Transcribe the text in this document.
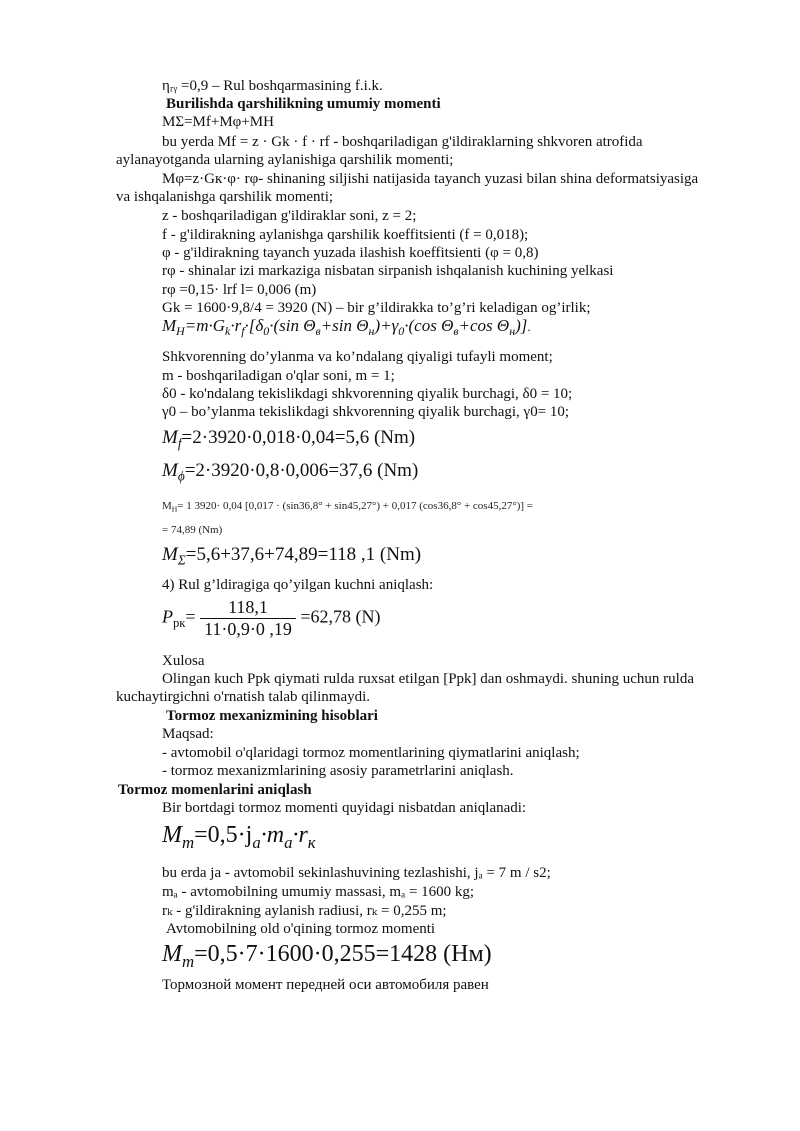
ηᵣᵧ =0,9 – Rul boshqarmasining f.i.k.
Burilishda qarshilikning umumiy momenti
MΣ=Mf+Mφ+MH
bu yerda Mf = z · Gk · f · rf - boshqariladigan g'ildiraklarning shkvoren atrofida
aylanayotganda ularning aylanishiga qarshilik momenti;
Mφ=z·Gк·φ· rφ- shinaning siljishi natijasida tayanch yuzasi bilan shina deformatsiyasiga
va ishqalanishga qarshilik momenti;
z - boshqariladigan g'ildiraklar soni, z = 2;
f - g'ildirakning aylanishga qarshilik koeffitsienti (f = 0,018);
φ - g'ildirakning tayanch yuzada ilashish koeffitsienti (φ = 0,8)
rφ - shinalar izi markaziga nisbatan sirpanish ishqalanish kuchining yelkasi
rφ =0,15· lrf l= 0,006 (m)
Gk = 1600·9,8/4 = 3920 (N) – bir g’ildirakka to’g’ri keladigan og’irlik;
$M_H=m\cdot G_k\cdot r_f\cdot[\delta_0\cdot(\sin$ $\Theta_в+\sin$ $\Theta_н)+\gamma_0\cdot(\cos$ $\Theta_в+\cos$ $\Theta_н$)].
Shkvorenning do’ylanma va ko’ndalang qiyaligi tufayli moment;
m - boshqariladigan o'qlar soni, m = 1;
δ0 - ko'ndalang tekislikdagi shkvorenning qiyalik burchagi, δ0 = 10;
γ0 – bo’ylanma tekislikdagi shkvorenning qiyalik burchagi, γ0= 10;
$M_f=2\cdot 3920\cdot 0,018\cdot 0,04=5,6$ (Nm)
$M_\phi=2\cdot 3920\cdot 0,8\cdot 0,006=37,6$ (Nm)
$M_H= 1$ 3920· 0,04 [0,017 · (sin36,8° + sin45,27°) + 0,017 (cos36,8° + cos45,27°)] =
= 74,89 (Nm)
$M_\Sigma=5,6+37,6+74,89=118$ ,1 (Nm)
4) Rul g’ldiragiga qo’yilgan kuchni aniqlash:
$P_{рк}= \frac{118,1}{11\cdot 0,9\cdot 0 ,19} =62,78$ (N)
Xulosa
Olingan kuch Ppk qiymati rulda ruxsat etilgan [Ppk] dan oshmaydi. shuning uchun rulda
kuchaytirgichni o'rnatish talab qilinmaydi.
Tormoz mexanizmining hisoblari
Maqsad:
- avtomobil o'qlaridagi tormoz momentlarining qiymatlarini aniqlash;
- tormoz mexanizmlarining asosiy parametrlarini aniqlash.
Tormoz momenlarini aniqlash
Bir bortdagi tormoz momenti quyidagi nisbatdan aniqlanadi:
$M_m=0,5\cdot j_a\cdot m_a\cdot r_к$
bu erda ja - avtomobil sekinlashuvining tezlashishi, jₐ = 7 m / s2;
mₐ - avtomobilning umumiy massasi, mₐ = 1600 kg;
rₖ - g'ildirakning aylanish radiusi, rₖ = 0,255 m;
Avtomobilning old o'qining tormoz momenti
$M_m=0,5\cdot 7\cdot 1600\cdot 0,255=1428$ (Нм)
Тормозной момент передней оси автомобиля равен
